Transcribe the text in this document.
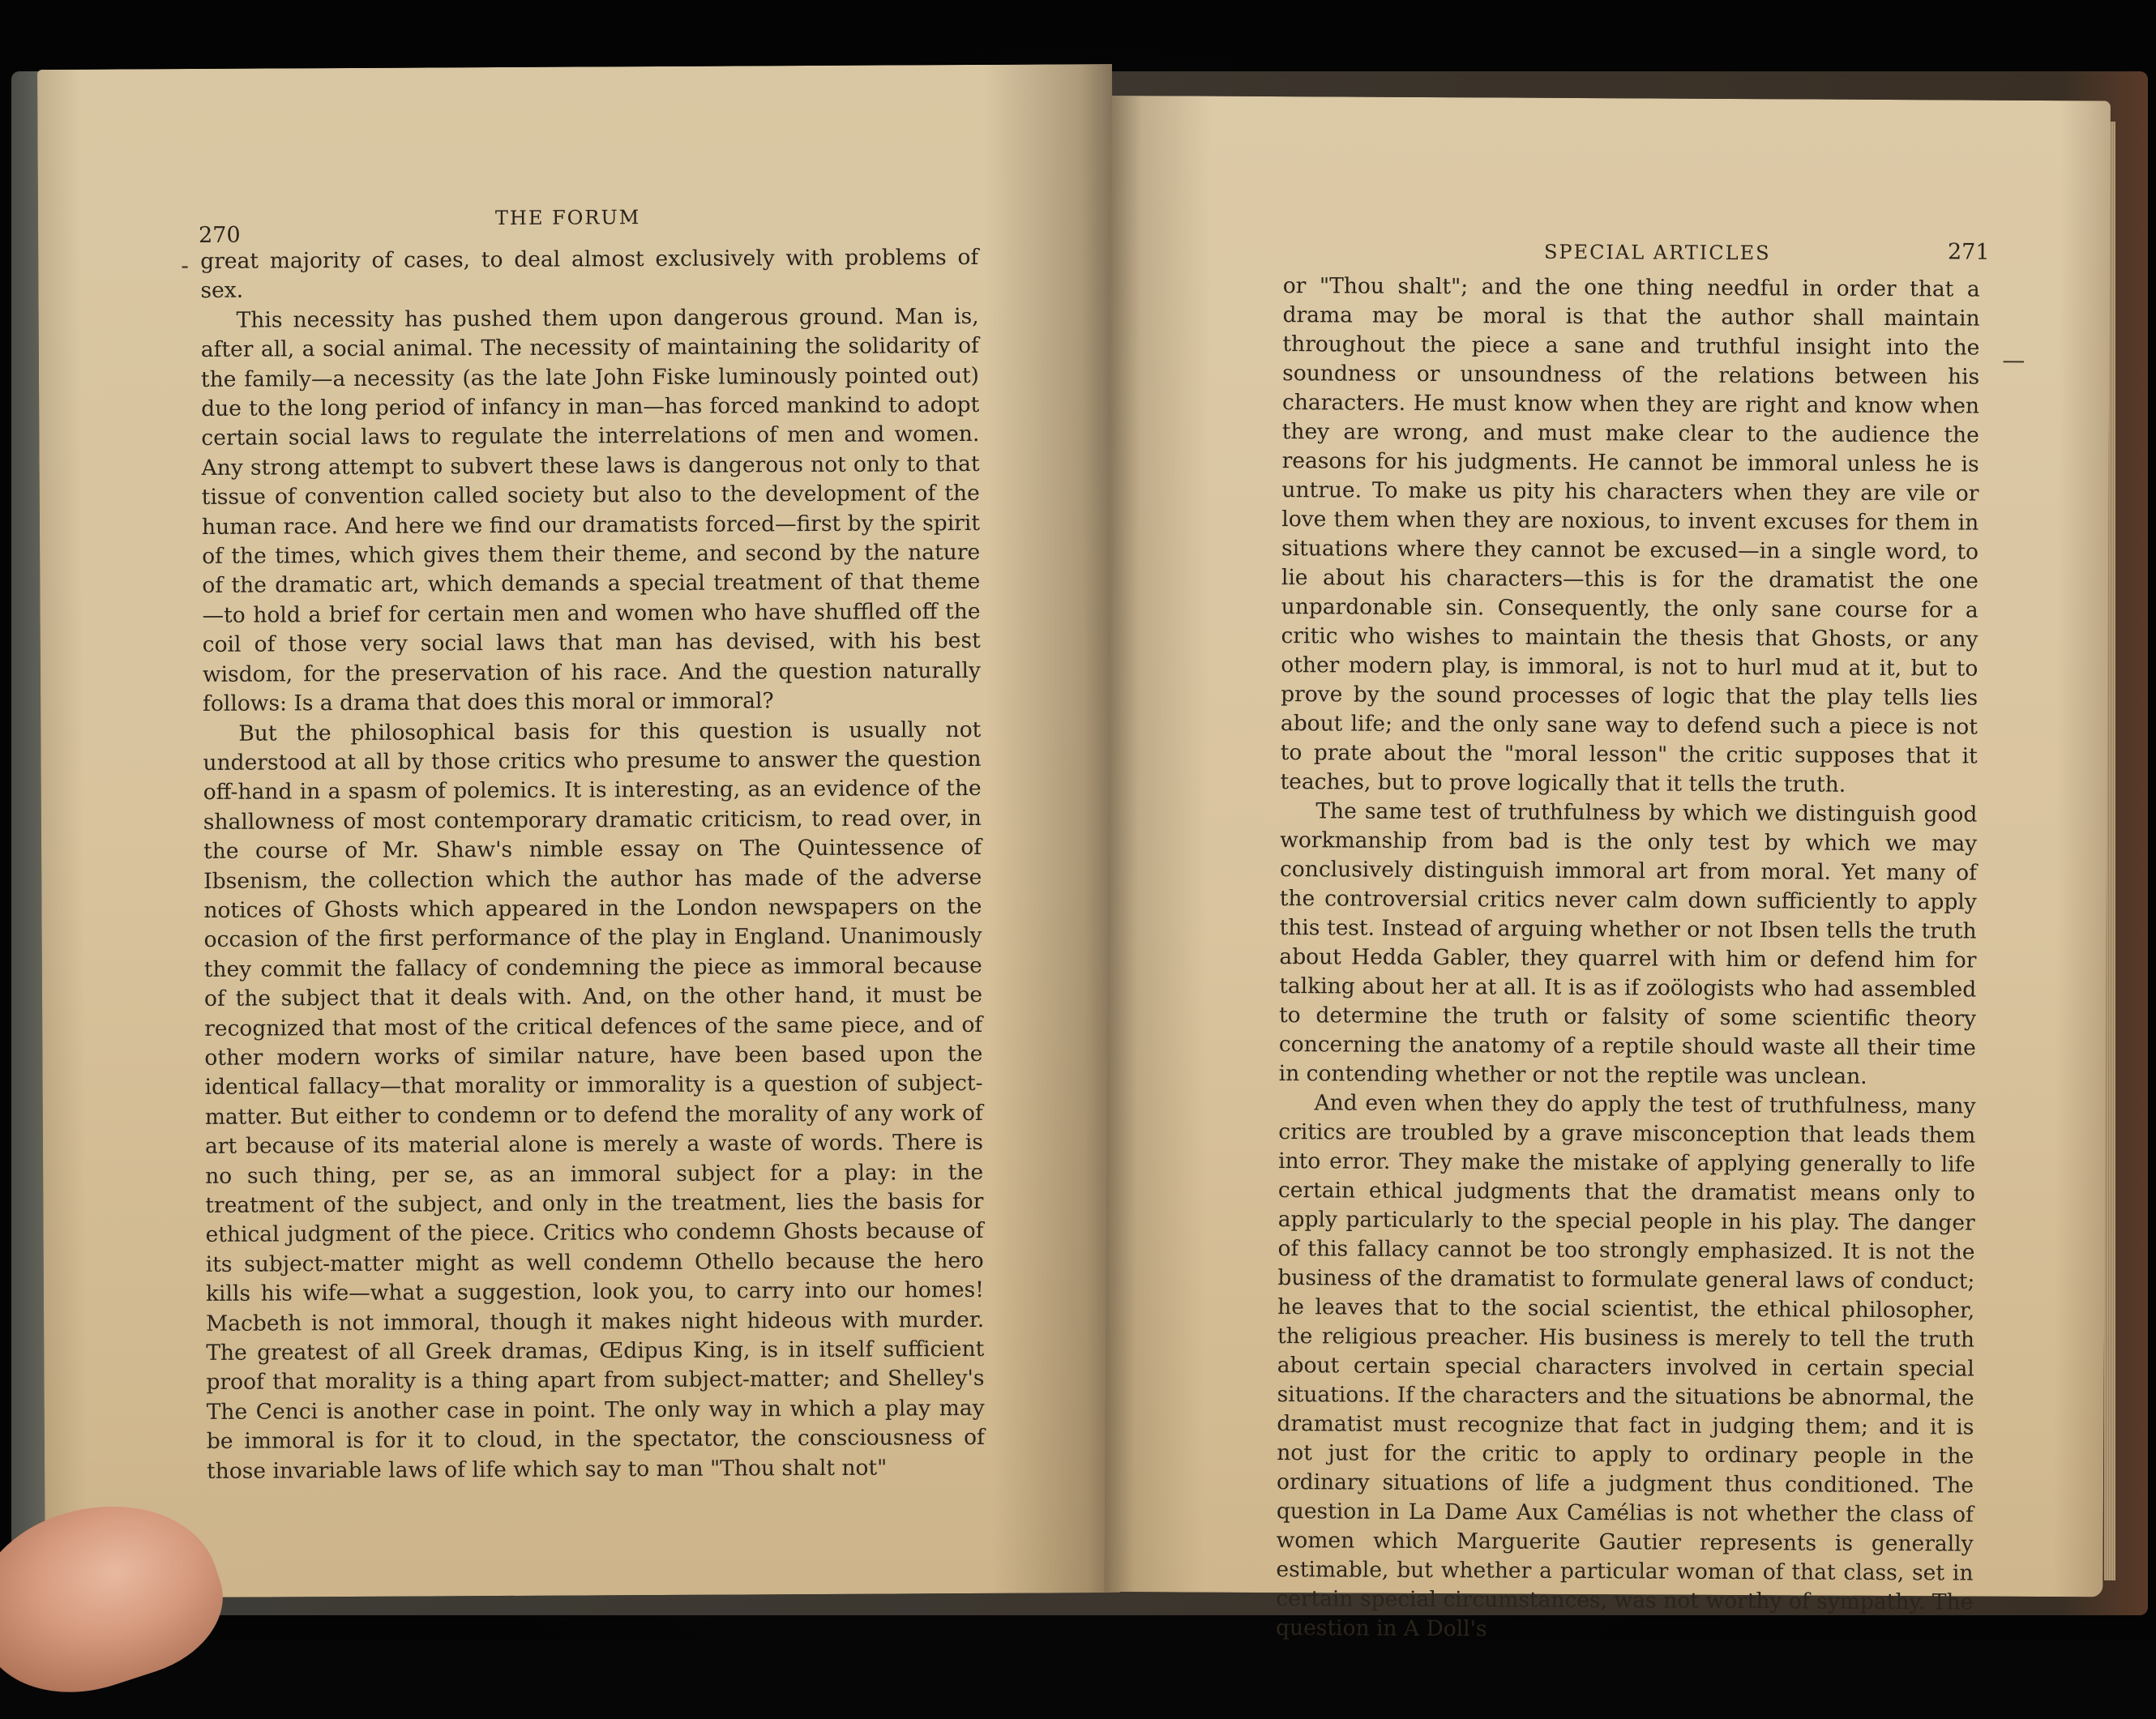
270
THE FORUM
- great majority of cases, to deal almost exclusively with problems of sex.

This necessity has pushed them upon dangerous ground. Man is, after all, a social animal. The necessity of maintaining the solidarity of the family—a necessity (as the late John Fiske luminously pointed out) due to the long period of infancy in man—has forced mankind to adopt certain social laws to regulate the interrelations of men and women. Any strong attempt to subvert these laws is dangerous not only to that tissue of convention called society but also to the development of the human race. And here we find our dramatists forced—first by the spirit of the times, which gives them their theme, and second by the nature of the dramatic art, which demands a special treatment of that theme—to hold a brief for certain men and women who have shuffled off the coil of those very social laws that man has devised, with his best wisdom, for the preservation of his race. And the question naturally follows: Is a drama that does this moral or immoral?

But the philosophical basis for this question is usually not understood at all by those critics who presume to answer the question off-hand in a spasm of polemics. It is interesting, as an evidence of the shallowness of most contemporary dramatic criticism, to read over, in the course of Mr. Shaw's nimble essay on The Quintessence of Ibsenism, the collection which the author has made of the adverse notices of Ghosts which appeared in the London newspapers on the occasion of the first performance of the play in England. Unanimously they commit the fallacy of condemning the piece as immoral because of the subject that it deals with. And, on the other hand, it must be recognized that most of the critical defences of the same piece, and of other modern works of similar nature, have been based upon the identical fallacy—that morality or immorality is a question of subject-matter. But either to condemn or to defend the morality of any work of art because of its material alone is merely a waste of words. There is no such thing, per se, as an immoral subject for a play: in the treatment of the subject, and only in the treatment, lies the basis for ethical judgment of the piece. Critics who condemn Ghosts because of its subject-matter might as well condemn Othello because the hero kills his wife—what a suggestion, look you, to carry into our homes! Macbeth is not immoral, though it makes night hideous with murder. The greatest of all Greek dramas, Œdipus King, is in itself sufficient proof that morality is a thing apart from subject-matter; and Shelley's The Cenci is another case in point. The only way in which a play may be immoral is for it to cloud, in the spectator, the consciousness of those invariable laws of life which say to man "Thou shalt not"

SPECIAL ARTICLES	271
—

or "Thou shalt"; and the one thing needful in order that a drama may be moral is that the author shall maintain throughout the piece a sane and truthful insight into the soundness or unsoundness of the relations between his characters. He must know when they are right and know when they are wrong, and must make clear to the audience the reasons for his judgments. He cannot be immoral unless he is untrue. To make us pity his characters when they are vile or love them when they are noxious, to invent excuses for them in situations where they cannot be excused—in a single word, to lie about his characters—this is for the dramatist the one unpardonable sin. Consequently, the only sane course for a critic who wishes to maintain the thesis that Ghosts, or any other modern play, is immoral, is not to hurl mud at it, but to prove by the sound processes of logic that the play tells lies about life; and the only sane way to defend such a piece is not to prate about the "moral lesson" the critic supposes that it teaches, but to prove logically that it tells the truth.

The same test of truthfulness by which we distinguish good workmanship from bad is the only test by which we may conclusively distinguish immoral art from moral. Yet many of the controversial critics never calm down sufficiently to apply this test. Instead of arguing whether or not Ibsen tells the truth about Hedda Gabler, they quarrel with him or defend him for talking about her at all. It is as if zoölogists who had assembled to determine the truth or falsity of some scientific theory concerning the anatomy of a reptile should waste all their time in contending whether or not the reptile was unclean.

And even when they do apply the test of truthfulness, many critics are troubled by a grave misconception that leads them into error. They make the mistake of applying generally to life certain ethical judgments that the dramatist means only to apply particularly to the special people in his play. The danger of this fallacy cannot be too strongly emphasized. It is not the business of the dramatist to formulate general laws of conduct; he leaves that to the social scientist, the ethical philosopher, the religious preacher. His business is merely to tell the truth about certain special characters involved in certain special situations. If the characters and the situations be abnormal, the dramatist must recognize that fact in judging them; and it is not just for the critic to apply to ordinary people in the ordinary situations of life a judgment thus conditioned. The question in La Dame Aux Camélias is not whether the class of women which Marguerite Gautier represents is generally estimable, but whether a particular woman of that class, set in certain special circumstances, was not worthy of sympathy. The question in A Doll's
